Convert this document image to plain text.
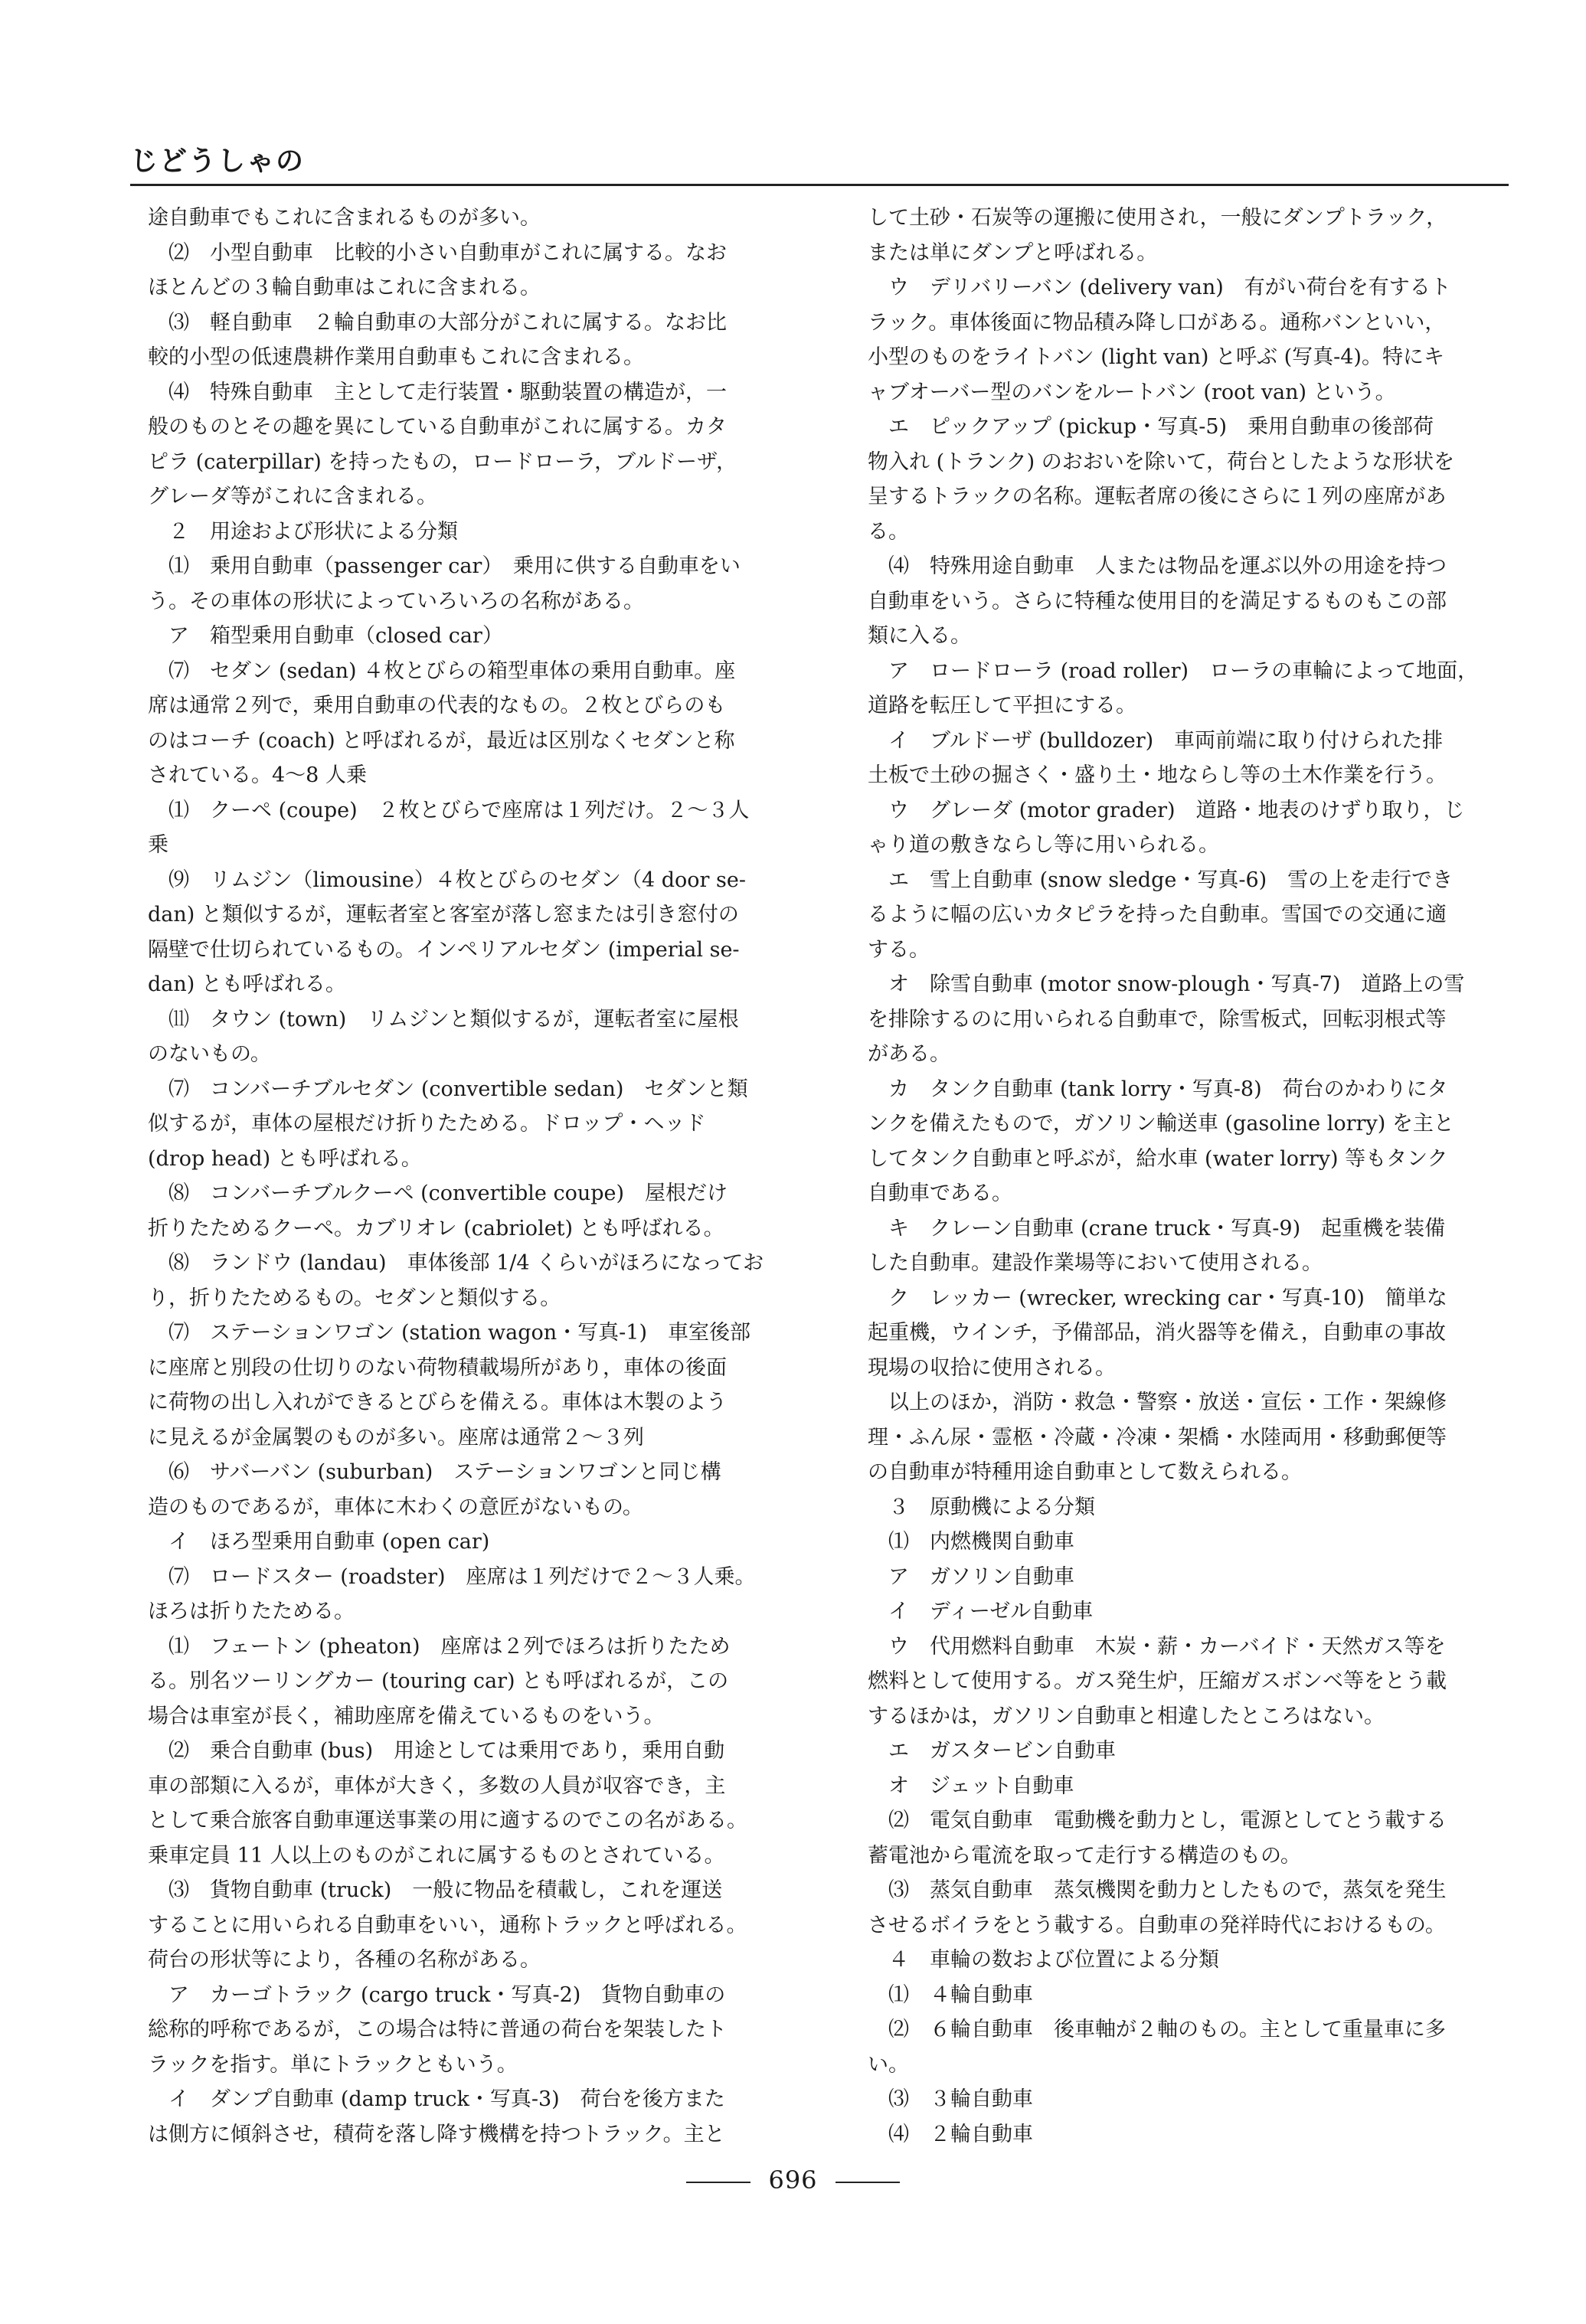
じどうしゃの
途自動車でもこれに含まれるものが多い。
　⑵　小型自動車　比較的小さい自動車がこれに属する。なお
ほとんどの３輪自動車はこれに含まれる。
　⑶　軽自動車　２輪自動車の大部分がこれに属する。なお比
較的小型の低速農耕作業用自動車もこれに含まれる。
　⑷　特殊自動車　主として走行装置・駆動装置の構造が，一
般のものとその趣を異にしている自動車がこれに属する。カタ
ピラ (caterpillar) を持ったもの，ロードローラ，ブルドーザ，
グレーダ等がこれに含まれる。
　２　用途および形状による分類
　⑴　乗用自動車（passenger car）　乗用に供する自動車をい
う。その車体の形状によっていろいろの名称がある。
　ア　箱型乗用自動車（closed car）
　⑺　セダン (sedan) ４枚とびらの箱型車体の乗用自動車。座
席は通常２列で，乗用自動車の代表的なもの。２枚とびらのも
のはコーチ (coach) と呼ばれるが，最近は区別なくセダンと称
されている。4～8 人乗
　⑴　クーペ (coupe)　２枚とびらで座席は１列だけ。２～３人
乗
　⑼　リムジン（limousine）４枚とびらのセダン（4 door se-
dan) と類似するが，運転者室と客室が落し窓または引き窓付の
隔壁で仕切られているもの。インペリアルセダン (imperial se-
dan) とも呼ばれる。
　⑾　タウン (town)　リムジンと類似するが，運転者室に屋根
のないもの。
　⑺　コンバーチブルセダン (convertible sedan)　セダンと類
似するが，車体の屋根だけ折りたためる。ドロップ・ヘッド
(drop head) とも呼ばれる。
　⑻　コンバーチブルクーペ (convertible coupe)　屋根だけ
折りたためるクーペ。カブリオレ (cabriolet) とも呼ばれる。
　⑻　ランドウ (landau)　車体後部 1/4 くらいがほろになってお
り，折りたためるもの。セダンと類似する。
　⑺　ステーションワゴン (station wagon・写真-1)　車室後部
に座席と別段の仕切りのない荷物積載場所があり，車体の後面
に荷物の出し入れができるとびらを備える。車体は木製のよう
に見えるが金属製のものが多い。座席は通常２～３列
　⑹　サバーバン (suburban)　ステーションワゴンと同じ構
造のものであるが，車体に木わくの意匠がないもの。
　イ　ほろ型乗用自動車 (open car)
　⑺　ロードスター (roadster)　座席は１列だけで２～３人乗。
ほろは折りたためる。
　⑴　フェートン (pheaton)　座席は２列でほろは折りたため
る。別名ツーリングカー (touring car) とも呼ばれるが，この
場合は車室が長く，補助座席を備えているものをいう。
　⑵　乗合自動車 (bus)　用途としては乗用であり，乗用自動
車の部類に入るが，車体が大きく，多数の人員が収容でき，主
として乗合旅客自動車運送事業の用に適するのでこの名がある。
乗車定員 11 人以上のものがこれに属するものとされている。
　⑶　貨物自動車 (truck)　一般に物品を積載し，これを運送
することに用いられる自動車をいい，通称トラックと呼ばれる。
荷台の形状等により，各種の名称がある。
　ア　カーゴトラック (cargo truck・写真-2)　貨物自動車の
総称的呼称であるが，この場合は特に普通の荷台を架装したト
ラックを指す。単にトラックともいう。
　イ　ダンプ自動車 (damp truck・写真-3)　荷台を後方また
は側方に傾斜させ，積荷を落し降す機構を持つトラック。主と
して土砂・石炭等の運搬に使用され，一般にダンプトラック，
または単にダンプと呼ばれる。
　ウ　デリバリーバン (delivery van)　有がい荷台を有するト
ラック。車体後面に物品積み降し口がある。通称バンといい，
小型のものをライトバン (light van) と呼ぶ (写真-4)。特にキ
ャブオーバー型のバンをルートバン (root van) という。
　エ　ピックアップ (pickup・写真-5)　乗用自動車の後部荷
物入れ (トランク) のおおいを除いて，荷台としたような形状を
呈するトラックの名称。運転者席の後にさらに１列の座席があ
る。
　⑷　特殊用途自動車　人または物品を運ぶ以外の用途を持つ
自動車をいう。さらに特種な使用目的を満足するものもこの部
類に入る。
　ア　ロードローラ (road roller)　ローラの車輪によって地面，
道路を転圧して平担にする。
　イ　ブルドーザ (bulldozer)　車両前端に取り付けられた排
土板で土砂の掘さく・盛り土・地ならし等の土木作業を行う。
　ウ　グレーダ (motor grader)　道路・地表のけずり取り，じ
ゃり道の敷きならし等に用いられる。
　エ　雪上自動車 (snow sledge・写真-6)　雪の上を走行でき
るように幅の広いカタピラを持った自動車。雪国での交通に適
する。
　オ　除雪自動車 (motor snow-plough・写真-7)　道路上の雪
を排除するのに用いられる自動車で，除雪板式，回転羽根式等
がある。
　カ　タンク自動車 (tank lorry・写真-8)　荷台のかわりにタ
ンクを備えたもので，ガソリン輸送車 (gasoline lorry) を主と
してタンク自動車と呼ぶが，給水車 (water lorry) 等もタンク
自動車である。
　キ　クレーン自動車 (crane truck・写真-9)　起重機を装備
した自動車。建設作業場等において使用される。
　ク　レッカー (wrecker, wrecking car・写真-10)　簡単な
起重機，ウインチ，予備部品，消火器等を備え，自動車の事故
現場の収拾に使用される。
　以上のほか，消防・救急・警察・放送・宣伝・工作・架線修
理・ふん尿・霊柩・冷蔵・冷凍・架橋・水陸両用・移動郵便等
の自動車が特種用途自動車として数えられる。
　３　原動機による分類
　⑴　内燃機関自動車
　ア　ガソリン自動車
　イ　ディーゼル自動車
　ウ　代用燃料自動車　木炭・薪・カーバイド・天然ガス等を
燃料として使用する。ガス発生炉，圧縮ガスボンベ等をとう載
するほかは，ガソリン自動車と相違したところはない。
　エ　ガスタービン自動車
　オ　ジェット自動車
　⑵　電気自動車　電動機を動力とし，電源としてとう載する
蓄電池から電流を取って走行する構造のもの。
　⑶　蒸気自動車　蒸気機関を動力としたもので，蒸気を発生
させるボイラをとう載する。自動車の発祥時代におけるもの。
　４　車輪の数および位置による分類
　⑴　４輪自動車
　⑵　６輪自動車　後車軸が２軸のもの。主として重量車に多
い。
　⑶　３輪自動車
　⑷　２輪自動車
696
